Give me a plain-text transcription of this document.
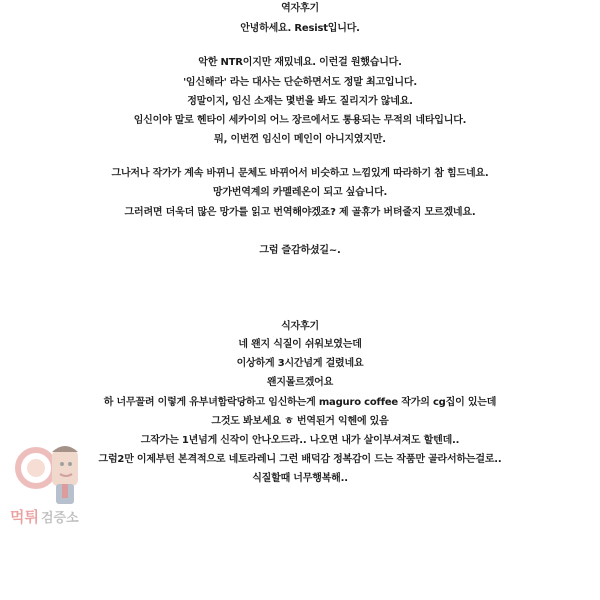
역자후기
안녕하세요. Resist입니다.
악한 NTR이지만 재밌네요. 이런걸 원했습니다.
'임신해라' 라는 대사는 단순하면서도 정말 최고입니다.
정말이지, 임신 소재는 몇번을 봐도 질리지가 않네요.
임신이야 말로 헨타이 세카이의 어느 장르에서도 통용되는 무적의 네타입니다.
뭐, 이번껀 임신이 메인이 아니지였지만.
그나저나 작가가 계속 바뀌니 문체도 바뀌어서 비슷하고 느낌있게 따라하기 참 힘드네요.
망가번역계의 카멜레온이 되고 싶습니다.
그러려면 더욱더 많은 망가를 읽고 번역해야겠죠? 제 골휴가 버텨줄지 모르겠네요.
그럼 즐감하셨길~.
식자후기
네 왠지 식질이 쉬워보였는데
이상하게 3시간넘게 걸렸네요
왠지몰르겠어요
하 너무꼴려 이렇게 유부녀함락당하고 임신하는게 maguro coffee 작가의 cg집이 있는데
그것도 봐보세요 ㅎ 번역된거 익헨에 있음
그작가는 1년넘게 신작이 안나오드라.. 나오면 내가 살이부셔져도 할텐데..
그럼2만 이제부턴 본격적으로 네토라레니 그런 배덕감 정복감이 드는 작품만 골라서하는걸로..
식질할때 너무행복해..
먹튀 검증소
